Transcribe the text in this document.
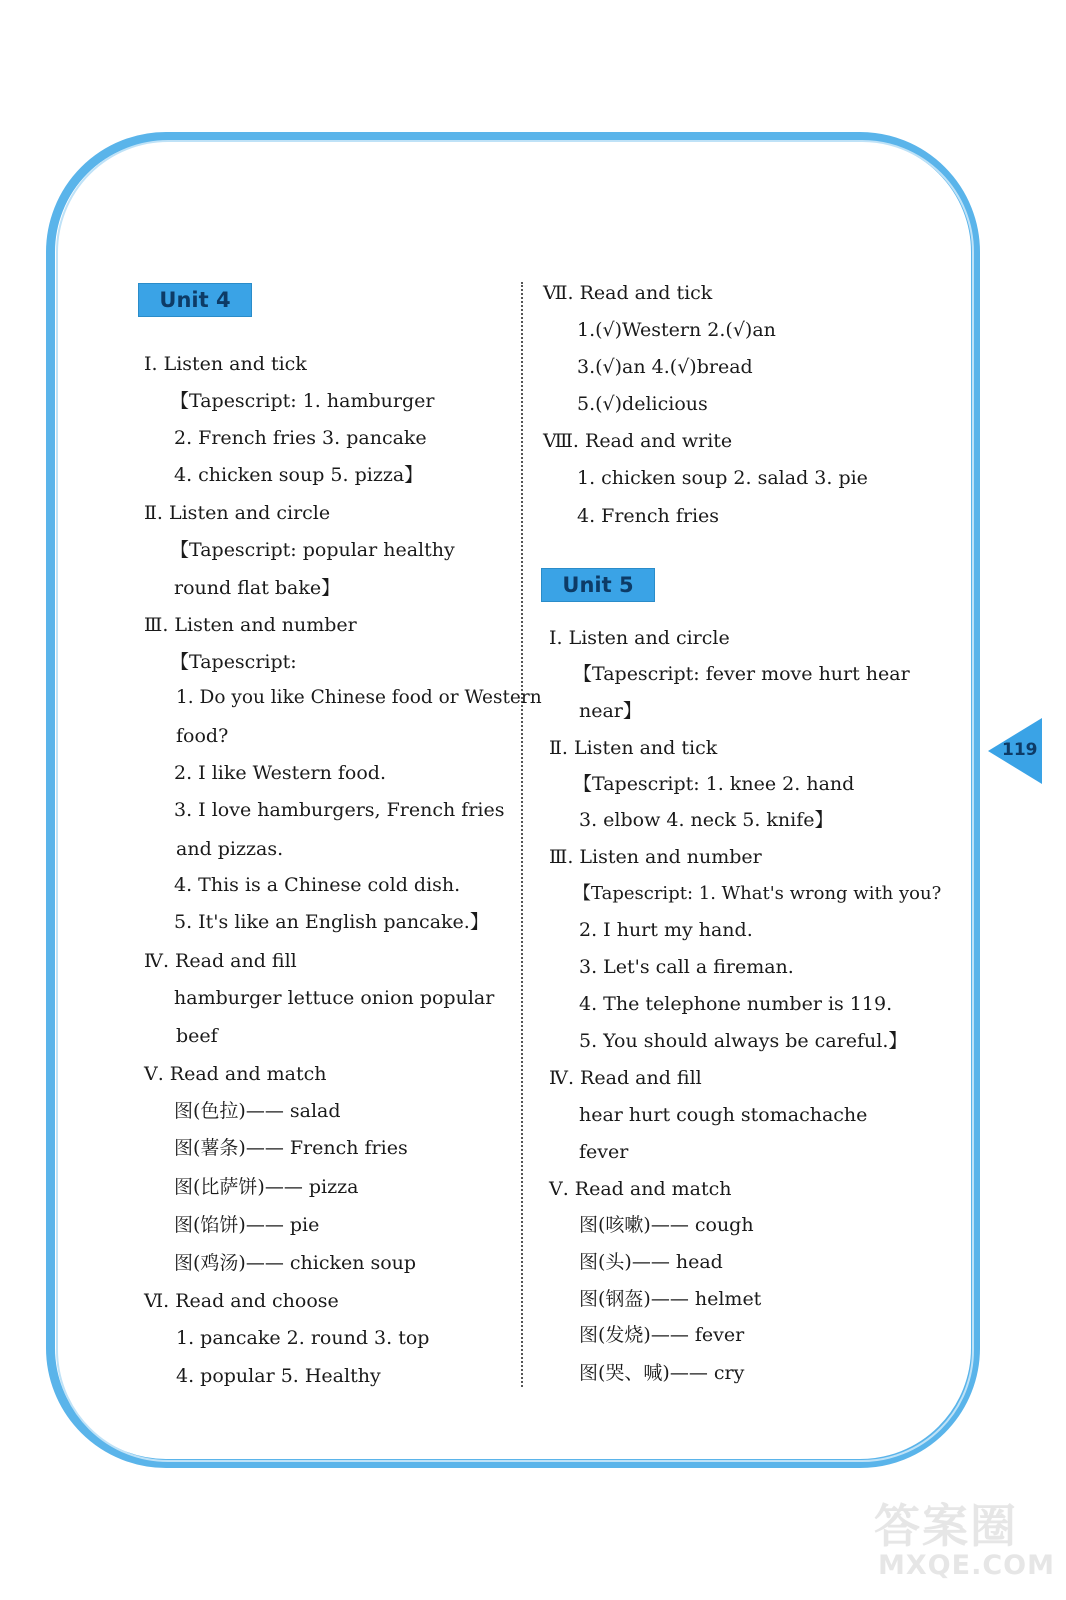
119
Unit 4
Ⅰ. Listen and tick
【Tapescript: 1. hamburger
2. French fries 3. pancake
4. chicken soup 5. pizza】
Ⅱ. Listen and circle
【Tapescript: popular healthy
round flat bake】
Ⅲ. Listen and number
【Tapescript:
1. Do you like Chinese food or Western
food?
2. I like Western food.
3. I love hamburgers, French fries
and pizzas.
4. This is a Chinese cold dish.
5. It's like an English pancake.】
Ⅳ. Read and fill
hamburger lettuce onion popular
beef
Ⅴ. Read and match
图(色拉)—— salad
图(薯条)—— French fries
图(比萨饼)—— pizza
图(馅饼)—— pie
图(鸡汤)—— chicken soup
Ⅵ. Read and choose
1. pancake 2. round 3. top
4. popular 5. Healthy
Ⅶ. Read and tick
1.(√)Western 2.(√)an
3.(√)an 4.(√)bread
5.(√)delicious
Ⅷ. Read and write
1. chicken soup 2. salad 3. pie
4. French fries
Unit 5
Ⅰ. Listen and circle
【Tapescript: fever move hurt hear
near】
Ⅱ. Listen and tick
【Tapescript: 1. knee 2. hand
3. elbow 4. neck 5. knife】
Ⅲ. Listen and number
【Tapescript: 1. What's wrong with you?
2. I hurt my hand.
3. Let's call a fireman.
4. The telephone number is 119.
5. You should always be careful.】
Ⅳ. Read and fill
hear hurt cough stomachache
fever
Ⅴ. Read and match
图(咳嗽)—— cough
图(头)—— head
图(钢盔)—— helmet
图(发烧)—— fever
图(哭、喊)—— cry
答案圈
MXQE.COM
